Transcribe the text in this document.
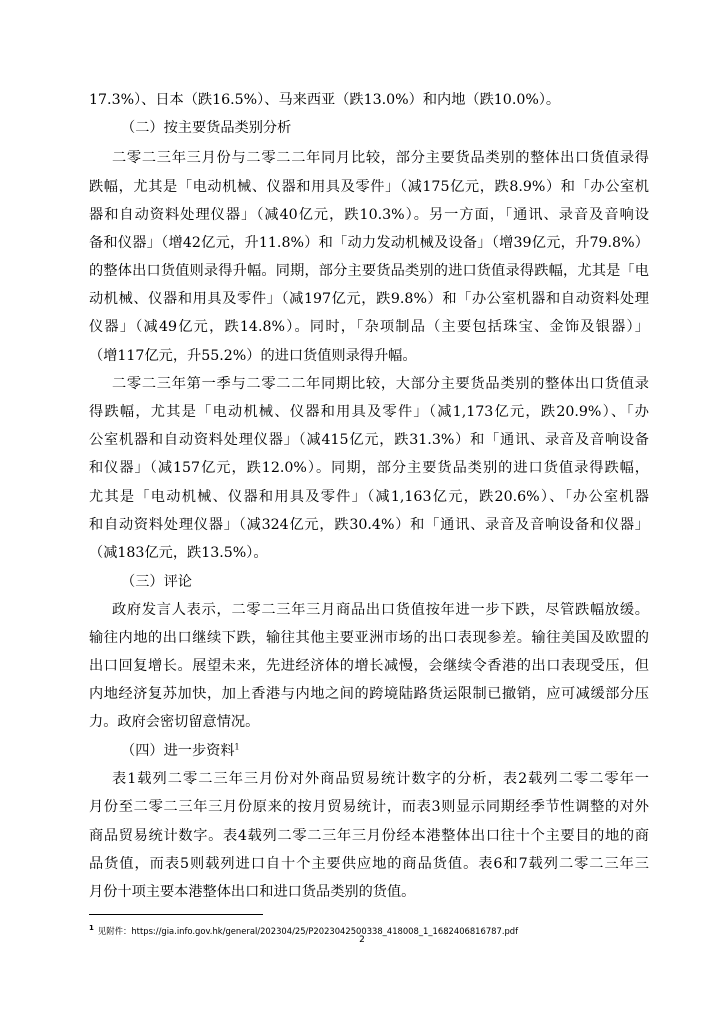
17.3%）、日本（跌16.5%）、马来西亚（跌13.0%）和内地（跌10.0%）。
（二）按主要货品类别分析
二零二三年三月份与二零二二年同月比较，部分主要货品类别的整体出口货值录得
跌幅，尤其是「电动机械、仪器和用具及零件」（减175亿元，跌8.9%）和「办公室机
器和自动资料处理仪器」（减40亿元，跌10.3%）。另一方面，「通讯、录音及音响设
备和仪器」（增42亿元，升11.8%）和「动力发动机械及设备」（增39亿元，升79.8%）
的整体出口货值则录得升幅。同期，部分主要货品类别的进口货值录得跌幅，尤其是「电
动机械、仪器和用具及零件」（减197亿元，跌9.8%）和「办公室机器和自动资料处理
仪器」（减49亿元，跌14.8%）。同时，「杂项制品（主要包括珠宝、金饰及银器）」
（增117亿元，升55.2%）的进口货值则录得升幅。
二零二三年第一季与二零二二年同期比较，大部分主要货品类别的整体出口货值录
得跌幅，尤其是「电动机械、仪器和用具及零件」（减1,173亿元，跌20.9%）、「办
公室机器和自动资料处理仪器」（减415亿元，跌31.3%）和「通讯、录音及音响设备
和仪器」（减157亿元，跌12.0%）。同期，部分主要货品类别的进口货值录得跌幅，
尤其是「电动机械、仪器和用具及零件」（减1,163亿元，跌20.6%）、「办公室机器
和自动资料处理仪器」（减324亿元，跌30.4%）和「通讯、录音及音响设备和仪器」
（减183亿元，跌13.5%）。
（三）评论
政府发言人表示，二零二三年三月商品出口货值按年进一步下跌，尽管跌幅放缓。
输往内地的出口继续下跌，输往其他主要亚洲市场的出口表现参差。输往美国及欧盟的
出口回复增长。展望未来，先进经济体的增长减慢，会继续令香港的出口表现受压，但
内地经济复苏加快，加上香港与内地之间的跨境陆路货运限制已撤销，应可减缓部分压
力。政府会密切留意情况。
（四）进一步资料$^1$
表1载列二零二三年三月份对外商品贸易统计数字的分析，表2载列二零二零年一
月份至二零二三年三月份原来的按月贸易统计，而表3则显示同期经季节性调整的对外
商品贸易统计数字。表4载列二零二三年三月份经本港整体出口往十个主要目的地的商
品货值，而表5则载列进口自十个主要供应地的商品货值。表6和7载列二零二三年三
月份十项主要本港整体出口和进口货品类别的货值。
$^1$ 见附件：https://gia.info.gov.hk/general/202304/25/P2023042500338_418008_1_1682406816787.pdf
2
